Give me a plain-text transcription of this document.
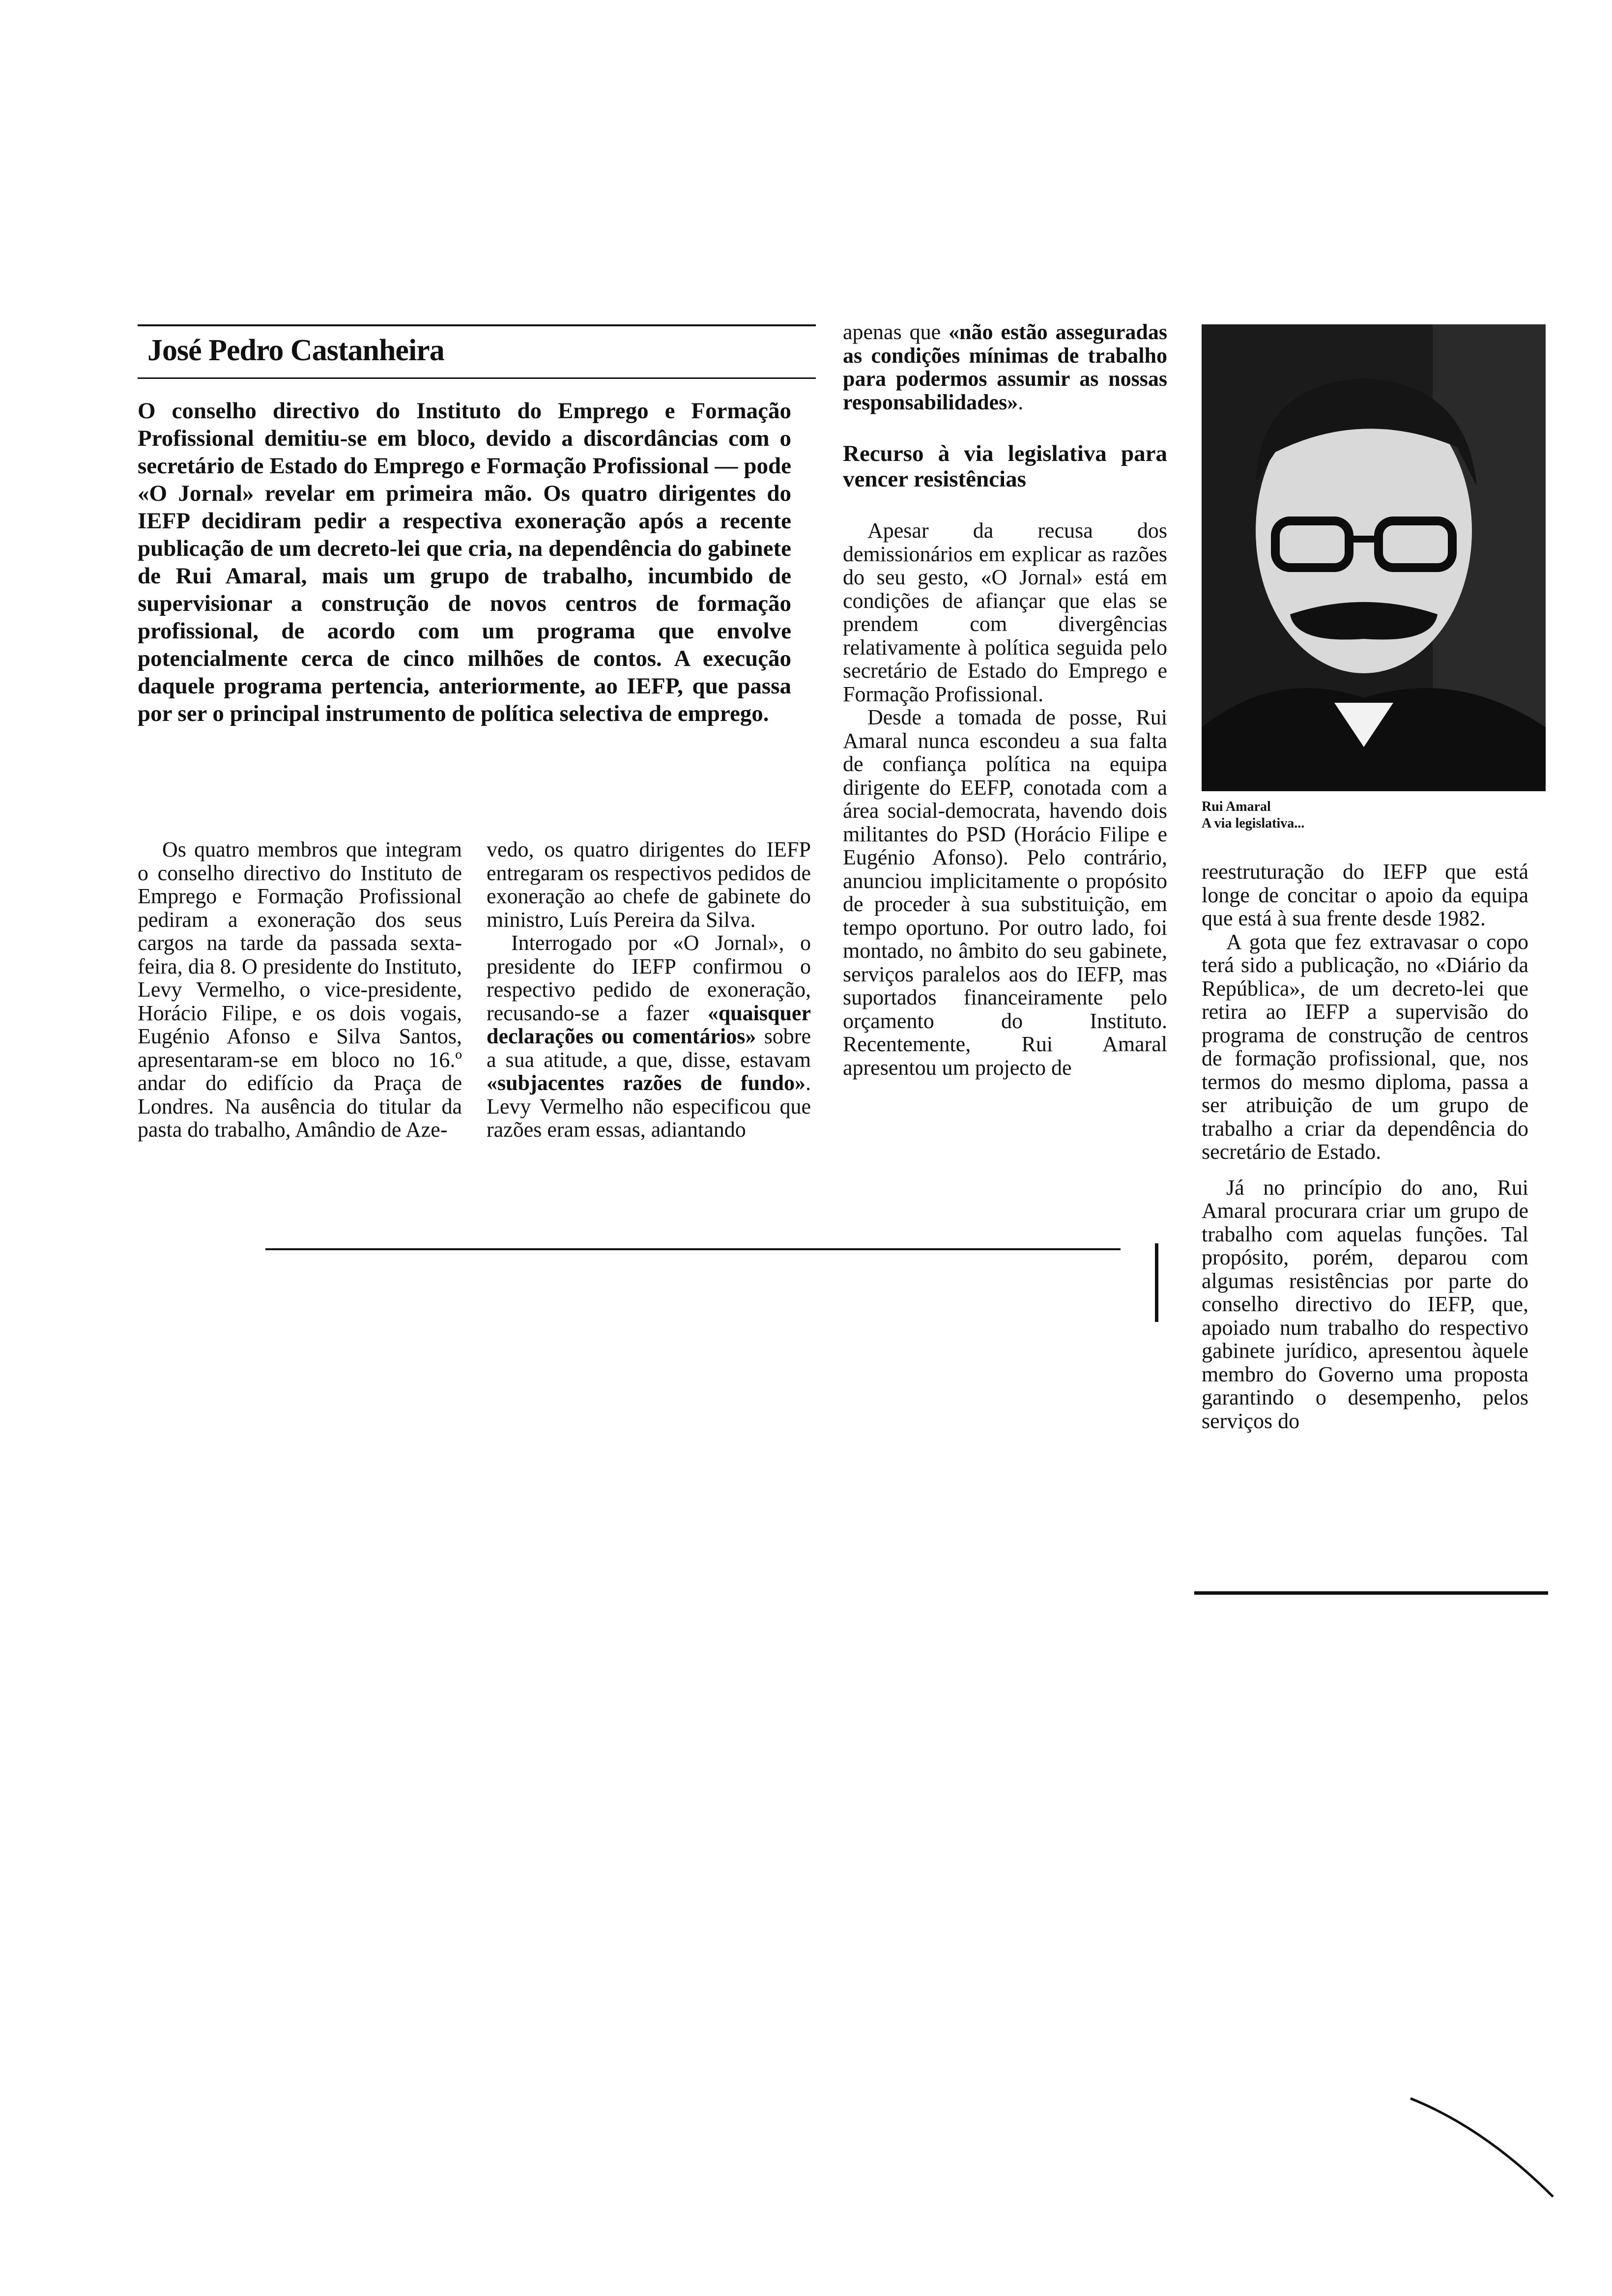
José Pedro Castanheira
O conselho directivo do Instituto do Emprego e Formação Profissional demitiu-se em bloco, devido a discordâncias com o secretário de Estado do Emprego e Formação Profissional — pode «O Jornal» revelar em primeira mão. Os quatro dirigentes do IEFP decidiram pedir a respectiva exoneração após a recente publicação de um decreto-lei que cria, na dependência do gabinete de Rui Amaral, mais um grupo de trabalho, incumbido de supervisionar a construção de novos centros de formação profissional, de acordo com um programa que envolve potencialmente cerca de cinco milhões de contos. A execução daquele programa pertencia, anteriormente, ao IEFP, que passa por ser o principal instrumento de política selectiva de emprego.

Os quatro membros que integram o conselho directivo do Instituto de Emprego e Formação Profissional pediram a exoneração dos seus cargos na tarde da passada sexta-feira, dia 8. O presidente do Instituto, Levy Vermelho, o vice-presidente, Horácio Filipe, e os dois vogais, Eugénio Afonso e Silva Santos, apresentaram-se em bloco no 16.º andar do edifício da Praça de Londres. Na ausência do titular da pasta do trabalho, Amândio de Aze-

vedo, os quatro dirigentes do IEFP entregaram os respectivos pedidos de exoneração ao chefe de gabinete do ministro, Luís Pereira da Silva.

Interrogado por «O Jornal», o presidente do IEFP confirmou o respectivo pedido de exoneração, recusando-se a fazer «quaisquer declarações ou comentários» sobre a sua atitude, a que, disse, estavam «subjacentes razões de fundo». Levy Vermelho não especificou que razões eram essas, adiantando

apenas que «não estão asseguradas as condições mínimas de trabalho para podermos assumir as nossas responsabilidades».

Recurso à via legislativa para vencer resistências

Apesar da recusa dos demissionários em explicar as razões do seu gesto, «O Jornal» está em condições de afiançar que elas se prendem com divergências relativamente à política seguida pelo secretário de Estado do Emprego e Formação Profissional.

Desde a tomada de posse, Rui Amaral nunca escondeu a sua falta de confiança política na equipa dirigente do EEFP, conotada com a área social-democrata, havendo dois militantes do PSD (Horácio Filipe e Eugénio Afonso). Pelo contrário, anunciou implicitamente o propósito de proceder à sua substituição, em tempo oportuno. Por outro lado, foi montado, no âmbito do seu gabinete, serviços paralelos aos do IEFP, mas suportados financeiramente pelo orçamento do Instituto. Recentemente, Rui Amaral apresentou um projecto de

Rui Amaral
A via legislativa...

reestruturação do IEFP que está longe de concitar o apoio da equipa que está à sua frente desde 1982.

A gota que fez extravasar o copo terá sido a publicação, no «Diário da República», de um decreto-lei que retira ao IEFP a supervisão do programa de construção de centros de formação profissional, que, nos termos do mesmo diploma, passa a ser atribuição de um grupo de trabalho a criar da dependência do secretário de Estado.

Já no princípio do ano, Rui Amaral procurara criar um grupo de trabalho com aquelas funções. Tal propósito, porém, deparou com algumas resistências por parte do conselho directivo do IEFP, que, apoiado num trabalho do respectivo gabinete jurídico, apresentou àquele membro do Governo uma proposta garantindo o desempenho, pelos serviços do
